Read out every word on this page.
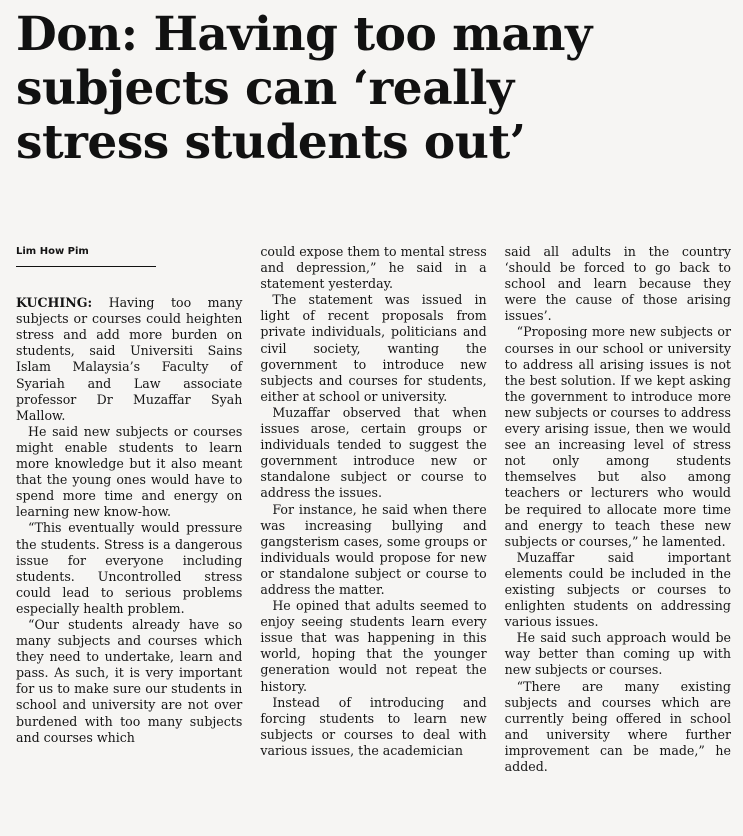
Don: Having too many
subjects can ‘really
stress students out’
Lim How Pim

KUCHING: Having too many subjects or courses could heighten stress and add more burden on students, said Universiti Sains Islam Malaysia’s Faculty of Syariah and Law associate professor Dr Muzaffar Syah Mallow.

He said new subjects or courses might enable students to learn more knowledge but it also meant that the young ones would have to spend more time and energy on learning new know-how.

“This eventually would pressure the students. Stress is a dangerous issue for everyone including students. Uncontrolled stress could lead to serious problems especially health problem.

“Our students already have so many subjects and courses which they need to undertake, learn and pass. As such, it is very important for us to make sure our students in school and university are not over burdened with too many subjects and courses which

could expose them to mental stress and depression,” he said in a statement yesterday.

The statement was issued in light of recent proposals from private individuals, politicians and civil society, wanting the government to introduce new subjects and courses for students, either at school or university.

Muzaffar observed that when issues arose, certain groups or individuals tended to suggest the government introduce new or standalone subject or course to address the issues.

For instance, he said when there was increasing bullying and gangsterism cases, some groups or individuals would propose for new or standalone subject or course to address the matter.

He opined that adults seemed to enjoy seeing students learn every issue that was happening in this world, hoping that the younger generation would not repeat the history.

Instead of introducing and forcing students to learn new subjects or courses to deal with various issues, the academician

said all adults in the country ‘should be forced to go back to school and learn because they were the cause of those arising issues’.

“Proposing more new subjects or courses in our school or university to address all arising issues is not the best solution. If we kept asking the government to introduce more new subjects or courses to address every arising issue, then we would see an increasing level of stress not only among students themselves but also among teachers or lecturers who would be required to allocate more time and energy to teach these new subjects or courses,” he lamented.

Muzaffar said important elements could be included in the existing subjects or courses to enlighten students on addressing various issues.

He said such approach would be way better than coming up with new subjects or courses.

“There are many existing subjects and courses which are currently being offered in school and university where further improvement can be made,” he added.
